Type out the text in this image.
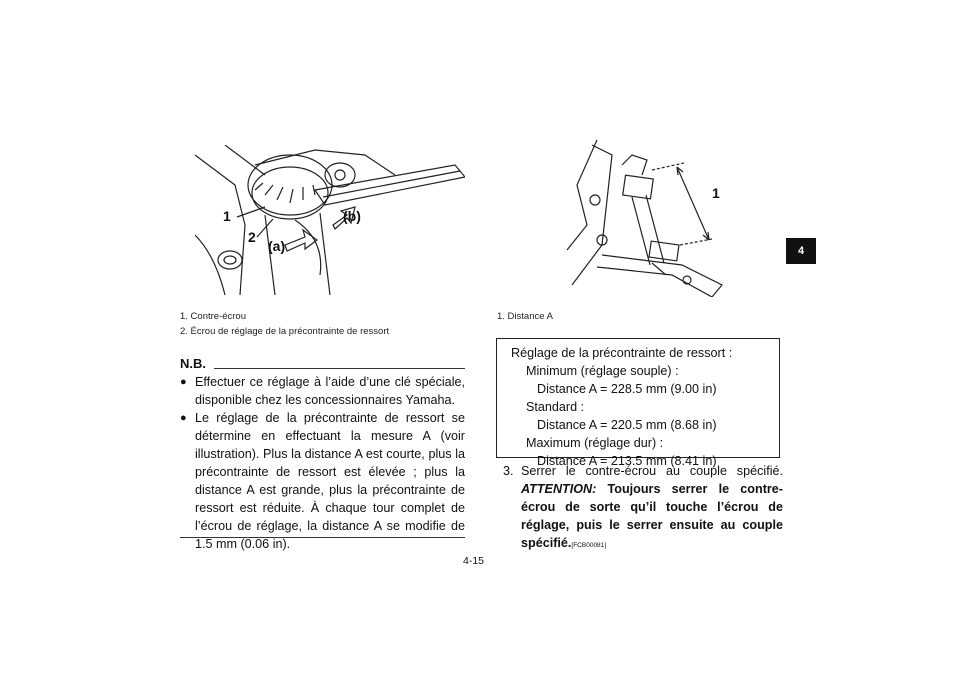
1
2
(a)
(b)
1. Contre-écrou
2. Écrou de réglage de la précontrainte de ressort
1
1. Distance A
N.B.

● Effectuer ce réglage à l’aide d’une clé spéciale, disponible chez les concessionnaires Yamaha.

● Le réglage de la précontrainte de ressort se détermine en effectuant la mesure A (voir illustration). Plus la distance A est courte, plus la précontrainte de ressort est élevée ; plus la distance A est grande, plus la précontrainte de ressort est réduite. À chaque tour complet de l’écrou de réglage, la distance A se modifie de 1.5 mm (0.06 in).

Réglage de la précontrainte de ressort :
Minimum (réglage souple) :
Distance A = 228.5 mm (9.00 in)
Standard :
Distance A = 220.5 mm (8.68 in)
Maximum (réglage dur) :
Distance A = 213.5 mm (8.41 in)
3. Serrer le contre-écrou au couple spécifié. ATTENTION: Toujours serrer le contre-écrou de sorte qu’il touche l’écrou de réglage, puis le serrer ensuite au couple spécifié.[FCB00081]
4-15
4
